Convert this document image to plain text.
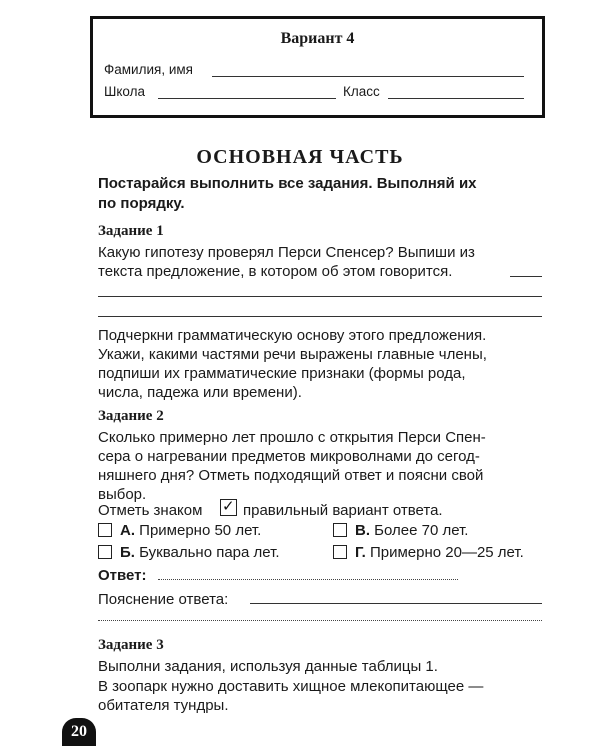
Вариант 4
Фамилия, имя
Школа	Класс
ОСНОВНАЯ ЧАСТЬ
Постарайся выполнить все задания. Выполняй их
по порядку.
Задание 1
Какую гипотезу проверял Перси Спенсер? Выпиши из
текста предложение, в котором об этом говорится.
Подчеркни грамматическую основу этого предложения.
Укажи, какими частями речи выражены главные члены,
подпиши их грамматические признаки (формы рода,
числа, падежа или времени).
Задание 2
Сколько примерно лет прошло с открытия Перси Спен-
сера о нагревании предметов микроволнами до сегод-
няшнего дня? Отметь подходящий ответ и поясни свой
выбор.
Отметь знаком ✓ правильный вариант ответа.
А. Примерно 50 лет.	В. Более 70 лет.
Б. Буквально пара лет.	Г. Примерно 20—25 лет.
Ответ:
Пояснение ответа:
Задание 3
Выполни задания, используя данные таблицы 1.
В зоопарк нужно доставить хищное млекопитающее —
обитателя тундры.
20
